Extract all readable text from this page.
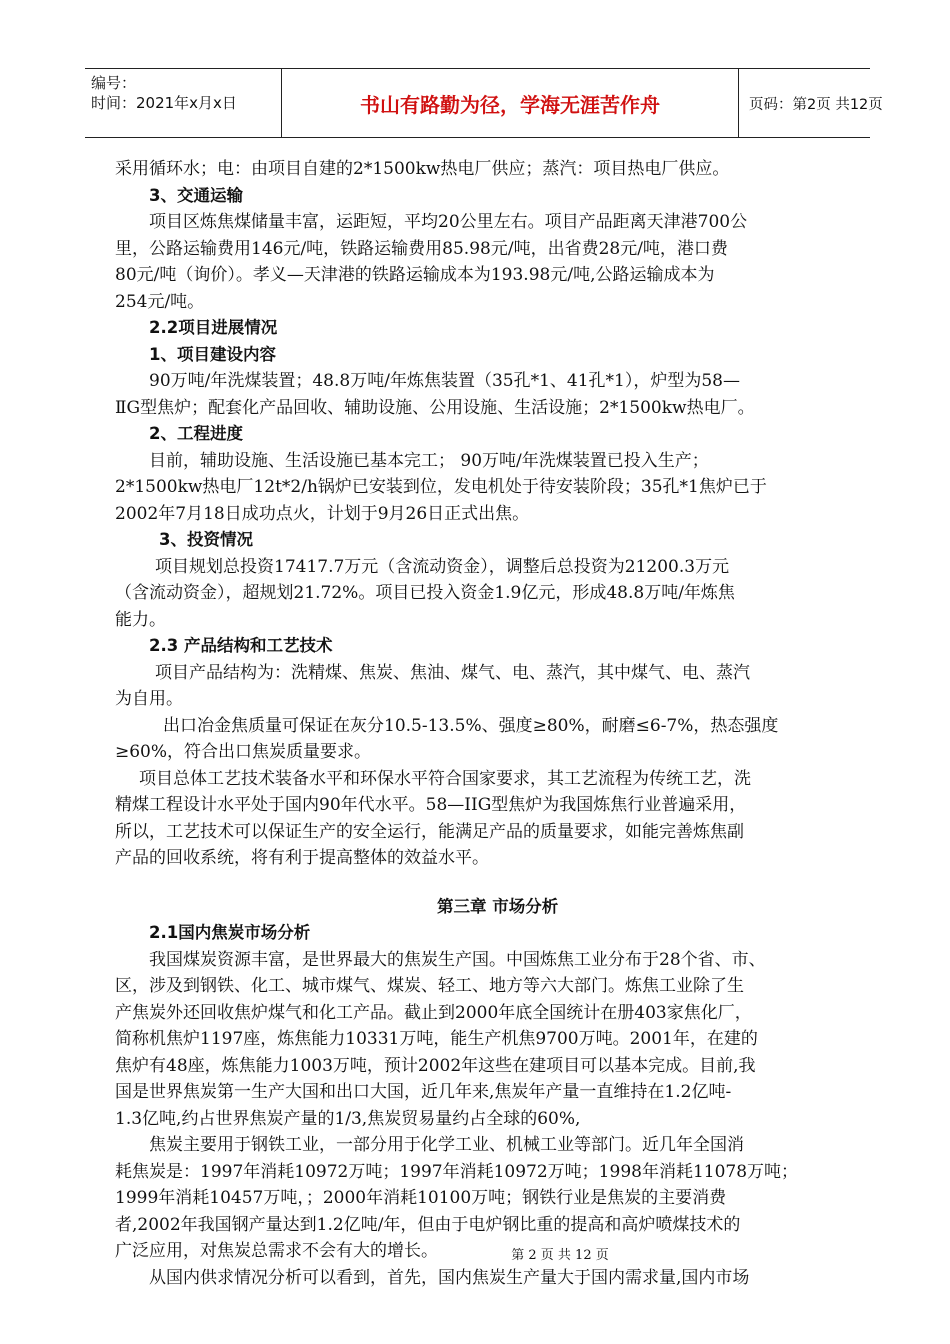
编号：
时间：2021年x月x日	书山有路勤为径，学海无涯苦作舟	页码：第2页 共12页
采用循环水；电：由项目自建的2*1500kw热电厂供应；蒸汽：项目热电厂供应。
3、交通运输
项目区炼焦煤储量丰富，运距短，平均20公里左右。项目产品距离天津港700公
里，公路运输费用146元/吨，铁路运输费用85.98元/吨，出省费28元/吨，港口费
80元/吨（询价）。孝义—天津港的铁路运输成本为193.98元/吨,公路运输成本为
254元/吨。
2.2项目进展情况
1、项目建设内容
90万吨/年洗煤装置；48.8万吨/年炼焦装置（35孔*1、41孔*1），炉型为58—
ⅡG型焦炉；配套化产品回收、辅助设施、公用设施、生活设施；2*1500kw热电厂。
2、工程进度
目前，辅助设施、生活设施已基本完工； 90万吨/年洗煤装置已投入生产；
2*1500kw热电厂12t*2/h锅炉已安装到位，发电机处于待安装阶段；35孔*1焦炉已于
2002年7月18日成功点火，计划于9月26日正式出焦。
3、投资情况
项目规划总投资17417.7万元（含流动资金），调整后总投资为21200.3万元
（含流动资金），超规划21.72%。项目已投入资金1.9亿元，形成48.8万吨/年炼焦
能力。
2.3 产品结构和工艺技术
项目产品结构为：洗精煤、焦炭、焦油、煤气、电、蒸汽，其中煤气、电、蒸汽
为自用。
出口冶金焦质量可保证在灰分10.5-13.5%、强度≥80%，耐磨≤6-7%，热态强度
≥60%，符合出口焦炭质量要求。
项目总体工艺技术装备水平和环保水平符合国家要求，其工艺流程为传统工艺，洗
精煤工程设计水平处于国内90年代水平。58—IIG型焦炉为我国炼焦行业普遍采用，
所以，工艺技术可以保证生产的安全运行，能满足产品的质量要求，如能完善炼焦副
产品的回收系统，将有利于提高整体的效益水平。
第三章 市场分析
2.1国内焦炭市场分析
我国煤炭资源丰富，是世界最大的焦炭生产国。中国炼焦工业分布于28个省、市、
区，涉及到钢铁、化工、城市煤气、煤炭、轻工、地方等六大部门。炼焦工业除了生
产焦炭外还回收焦炉煤气和化工产品。截止到2000年底全国统计在册403家焦化厂，
简称机焦炉1197座，炼焦能力10331万吨，能生产机焦9700万吨。2001年，在建的
焦炉有48座，炼焦能力1003万吨，预计2002年这些在建项目可以基本完成。目前,我
国是世界焦炭第一生产大国和出口大国，近几年来,焦炭年产量一直维持在1.2亿吨-
1.3亿吨,约占世界焦炭产量的1/3,焦炭贸易量约占全球的60%,
焦炭主要用于钢铁工业，一部分用于化学工业、机械工业等部门。近几年全国消
耗焦炭是：1997年消耗10972万吨；1997年消耗10972万吨；1998年消耗11078万吨；
1999年消耗10457万吨，；2000年消耗10100万吨；钢铁行业是焦炭的主要消费
者,2002年我国钢产量达到1.2亿吨/年，但由于电炉钢比重的提高和高炉喷煤技术的
广泛应用，对焦炭总需求不会有大的增长。
从国内供求情况分析可以看到，首先，国内焦炭生产量大于国内需求量,国内市场
第 2 页 共 12 页
